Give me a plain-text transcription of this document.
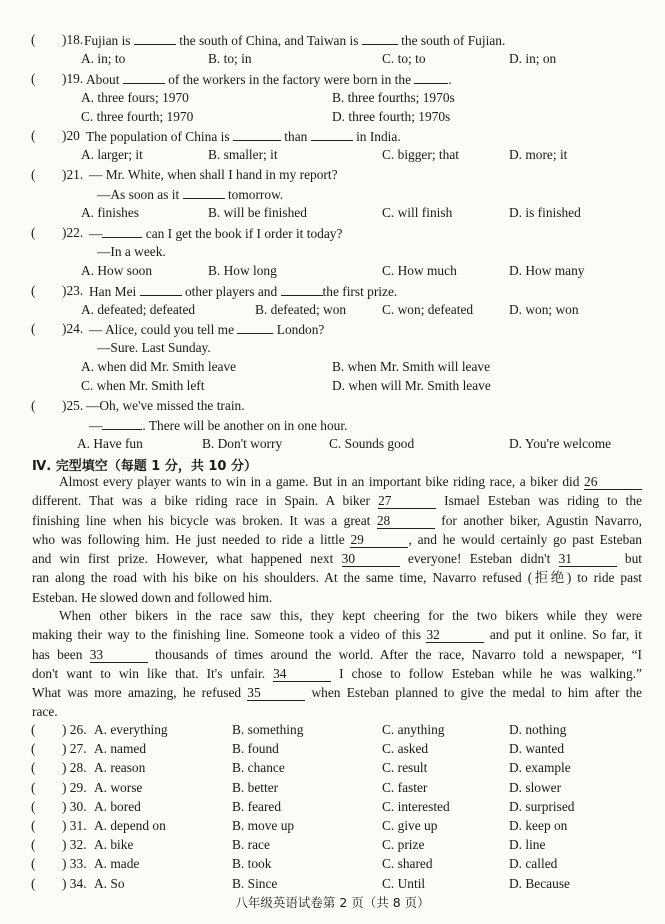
( )18. Fujian is	the south of China, and Taiwan is	the south of Fujian.
A. in; to	B. to; in	C. to; to	D. in; on
( )19. About	of the workers in the factory were born in the	.
A. three fours; 1970	B. three fourths; 1970s
C. three fourth; 1970	D. three fourth; 1970s
( )20 The population of China is	than	in India.
A. larger; it	B. smaller; it	C. bigger; that	D. more; it
( )21. — Mr. White, when shall I hand in my report?
—As soon as it	tomorrow.
A. finishes	B. will be finished	C. will finish	D. is finished
( )22. —	can I get the book if I order it today?
—In a week.
A. How soon	B. How long	C. How much	D. How many
( )23. Han Mei	other players and	the first prize.
A. defeated; defeated	B. defeated; won	C. won; defeated	D. won; won
( )24. — Alice, could you tell me	London?
—Sure. Last Sunday.
A. when did Mr. Smith leave	B. when Mr. Smith will leave
C. when Mr. Smith left	D. when will Mr. Smith leave
( )25. —Oh, we've missed the train.
—	. There will be another on in one hour.
A. Have fun	B. Don't worry	C. Sounds good	D. You're welcome
Ⅳ. 完型填空（每题 1 分，共 10 分）
Almost every player wants to win in a game. But in an important bike riding race, a biker did 26
different. That was a bike riding race in Spain. A biker 27	Ismael Esteban was riding to the
finishing line when his bicycle was broken. It was a great 28	for another biker, Agustin Navarro,
who was following him. He just needed to ride a little 29	, and he would certainly go past Esteban
and win first prize. However, what happened next 30	everyone! Esteban didn't 31	but
ran along the road with his bike on his shoulders. At the same time, Navarro refused (拒绝) to ride past
Esteban. He slowed down and followed him.
When other bikers in the race saw this, they kept cheering for the two bikers while they were
making their way to the finishing line. Someone took a video of this 32	and put it online. So far, it
has been 33	thousands of times around the world. After the race, Navarro told a newspaper, “I
don't want to win like that. It's unfair. 34	I chose to follow Esteban while he was walking.”
What was more amazing, he refused 35	when Esteban planned to give the medal to him after the
race.
( ) 26. A. everything	B. something	C. anything	D. nothing
( ) 27. A. named	B. found	C. asked	D. wanted
( ) 28. A. reason	B. chance	C. result	D. example
( ) 29. A. worse	B. better	C. faster	D. slower
( ) 30. A. bored	B. feared	C. interested	D. surprised
( ) 31. A. depend on	B. move up	C. give up	D. keep on
( ) 32. A. bike	B. race	C. prize	D. line
( ) 33. A. made	B. took	C. shared	D. called
( ) 34. A. So	B. Since	C. Until	D. Because
八年级英语试卷第 2 页（共 8 页）
